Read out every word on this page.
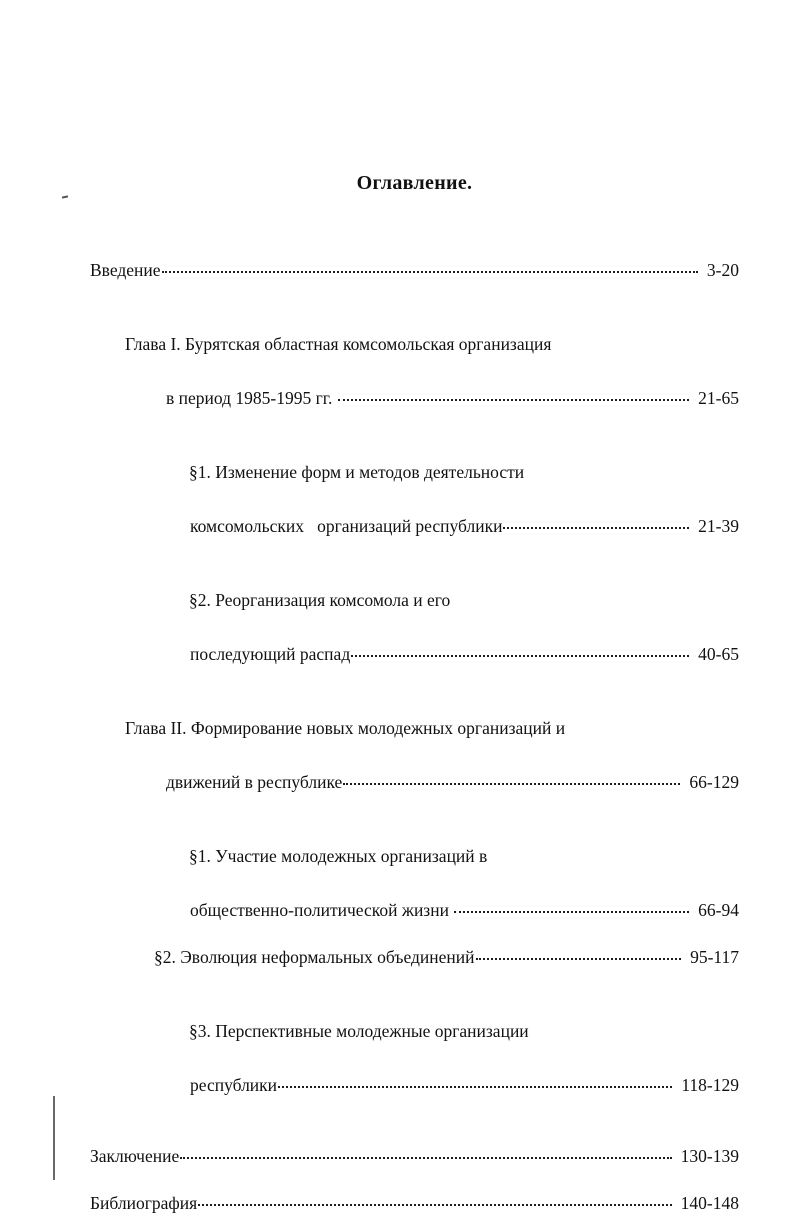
Оглавление.
Введение	3-20

Глава I. Бурятская областная комсомольская организация

в период 1985-1995 гг.	21-65

§1. Изменение форм и методов деятельности

комсомольских   организаций республики	21-39

§2. Реорганизация комсомола и его

последующий распад	40-65

Глава II. Формирование новых молодежных организаций и

движений в республике	66-129

§1. Участие молодежных организаций в

общественно-политической жизни	66-94
§2. Эволюция неформальных объединений	95-117

§3. Перспективные молодежные организации

республики	118-129
Заключение	130-139
Библиография	140-148
